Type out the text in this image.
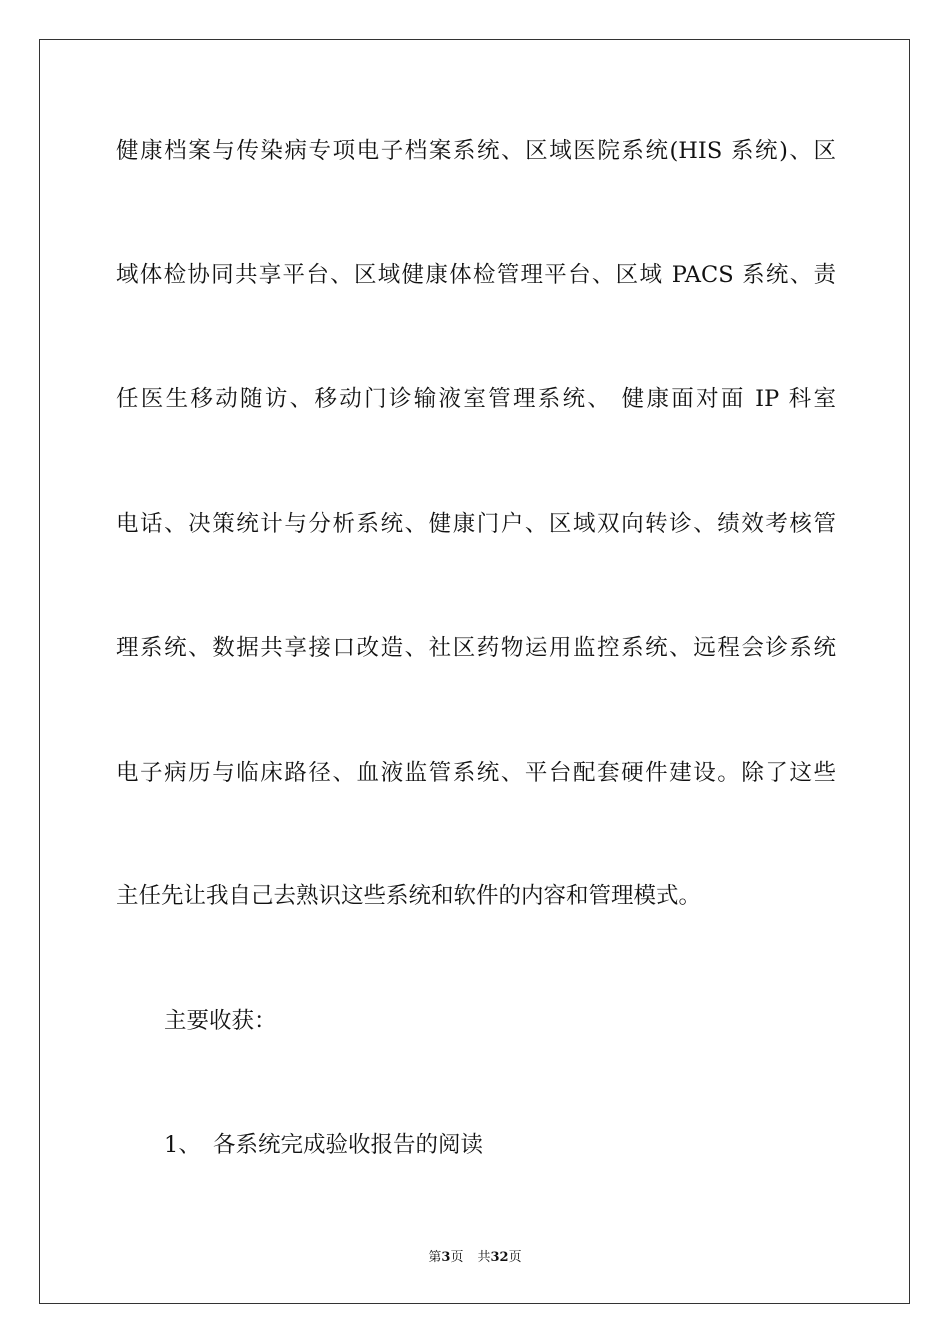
健康档案与传染病专项电子档案系统、区域医院系统(HIS 系统)、区
域体检协同共享平台、区域健康体检管理平台、区域 PACS 系统、责
任医生移动随访、移动门诊输液室管理系统、 健康面对面 IP 科室
电话、决策统计与分析系统、健康门户、区域双向转诊、绩效考核管
理系统、数据共享接口改造、社区药物运用监控系统、远程会诊系统
电子病历与临床路径、血液监管系统、平台配套硬件建设。除了这些
主任先让我自己去熟识这些系统和软件的内容和管理模式。
主要收获：
1、 各系统完成验收报告的阅读
第3页 共32页
